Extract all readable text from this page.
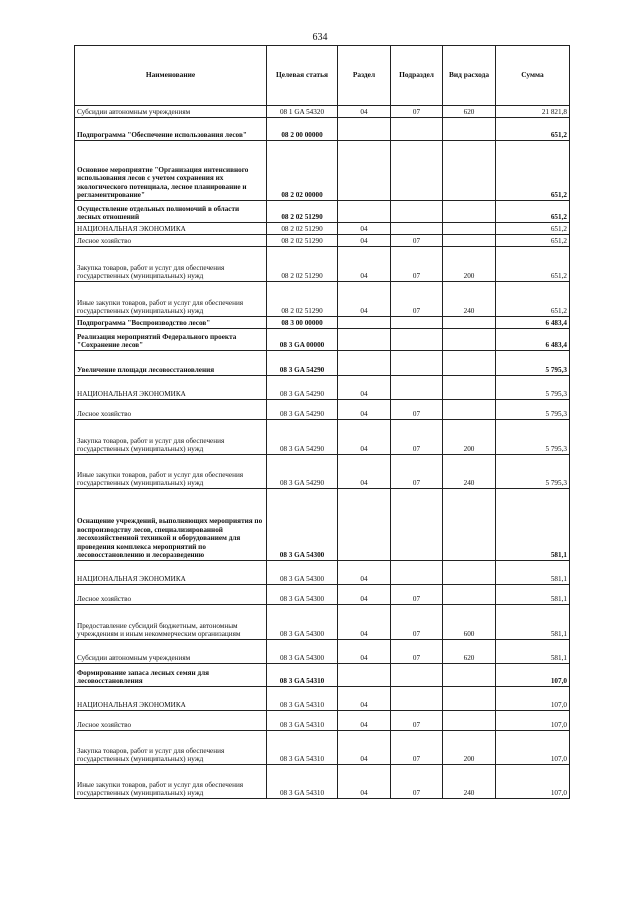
634
Наименование	Целевая статья	Раздел	Подраздел	Вид расхода	Сумма
Субсидии автономным учреждениям	08 1 GA 54320	04	07	620	21 821,8
Подпрограмма "Обеспечение использования лесов"	08 2 00 00000				651,2
Основное мероприятие "Организация интенсивного использования лесов с учетом сохранения их экологического потенциала, лесное планирование и регламентирование"	08 2 02 00000				651,2
Осуществление отдельных полномочий в области лесных отношений	08 2 02 51290				651,2
НАЦИОНАЛЬНАЯ ЭКОНОМИКА	08 2 02 51290	04			651,2
Лесное хозяйство	08 2 02 51290	04	07		651,2
Закупка товаров, работ и услуг для обеспечения государственных (муниципальных) нужд	08 2 02 51290	04	07	200	651,2
Иные закупки товаров, работ и услуг для обеспечения государственных (муниципальных) нужд	08 2 02 51290	04	07	240	651,2
Подпрограмма "Воспроизводство лесов"	08 3 00 00000				6 483,4
Реализация мероприятий Федерального проекта "Сохранение лесов"	08 3 GA 00000				6 483,4
Увеличение площади лесовосстановления	08 3 GA 54290				5 795,3
НАЦИОНАЛЬНАЯ ЭКОНОМИКА	08 3 GA 54290	04			5 795,3
Лесное хозяйство	08 3 GA 54290	04	07		5 795,3
Закупка товаров, работ и услуг для обеспечения государственных (муниципальных) нужд	08 3 GA 54290	04	07	200	5 795,3
Иные закупки товаров, работ и услуг для обеспечения государственных (муниципальных) нужд	08 3 GA 54290	04	07	240	5 795,3
Оснащение учреждений, выполняющих мероприятия по воспроизводству лесов, специализированной лесохозяйственной техникой и оборудованием для проведения комплекса мероприятий по лесовосстановлению и лесоразведению	08 3 GA 54300				581,1
НАЦИОНАЛЬНАЯ ЭКОНОМИКА	08 3 GA 54300	04			581,1
Лесное хозяйство	08 3 GA 54300	04	07		581,1
Предоставление субсидий бюджетным, автономным учреждениям и иным некоммерческим организациям	08 3 GA 54300	04	07	600	581,1
Субсидии автономным учреждениям	08 3 GA 54300	04	07	620	581,1
Формирование запаса лесных семян для лесовосстановления	08 3 GA 54310				107,0
НАЦИОНАЛЬНАЯ ЭКОНОМИКА	08 3 GA 54310	04			107,0
Лесное хозяйство	08 3 GA 54310	04	07		107,0
Закупка товаров, работ и услуг для обеспечения государственных (муниципальных) нужд	08 3 GA 54310	04	07	200	107,0
Иные закупки товаров, работ и услуг для обеспечения государственных (муниципальных) нужд	08 3 GA 54310	04	07	240	107,0
